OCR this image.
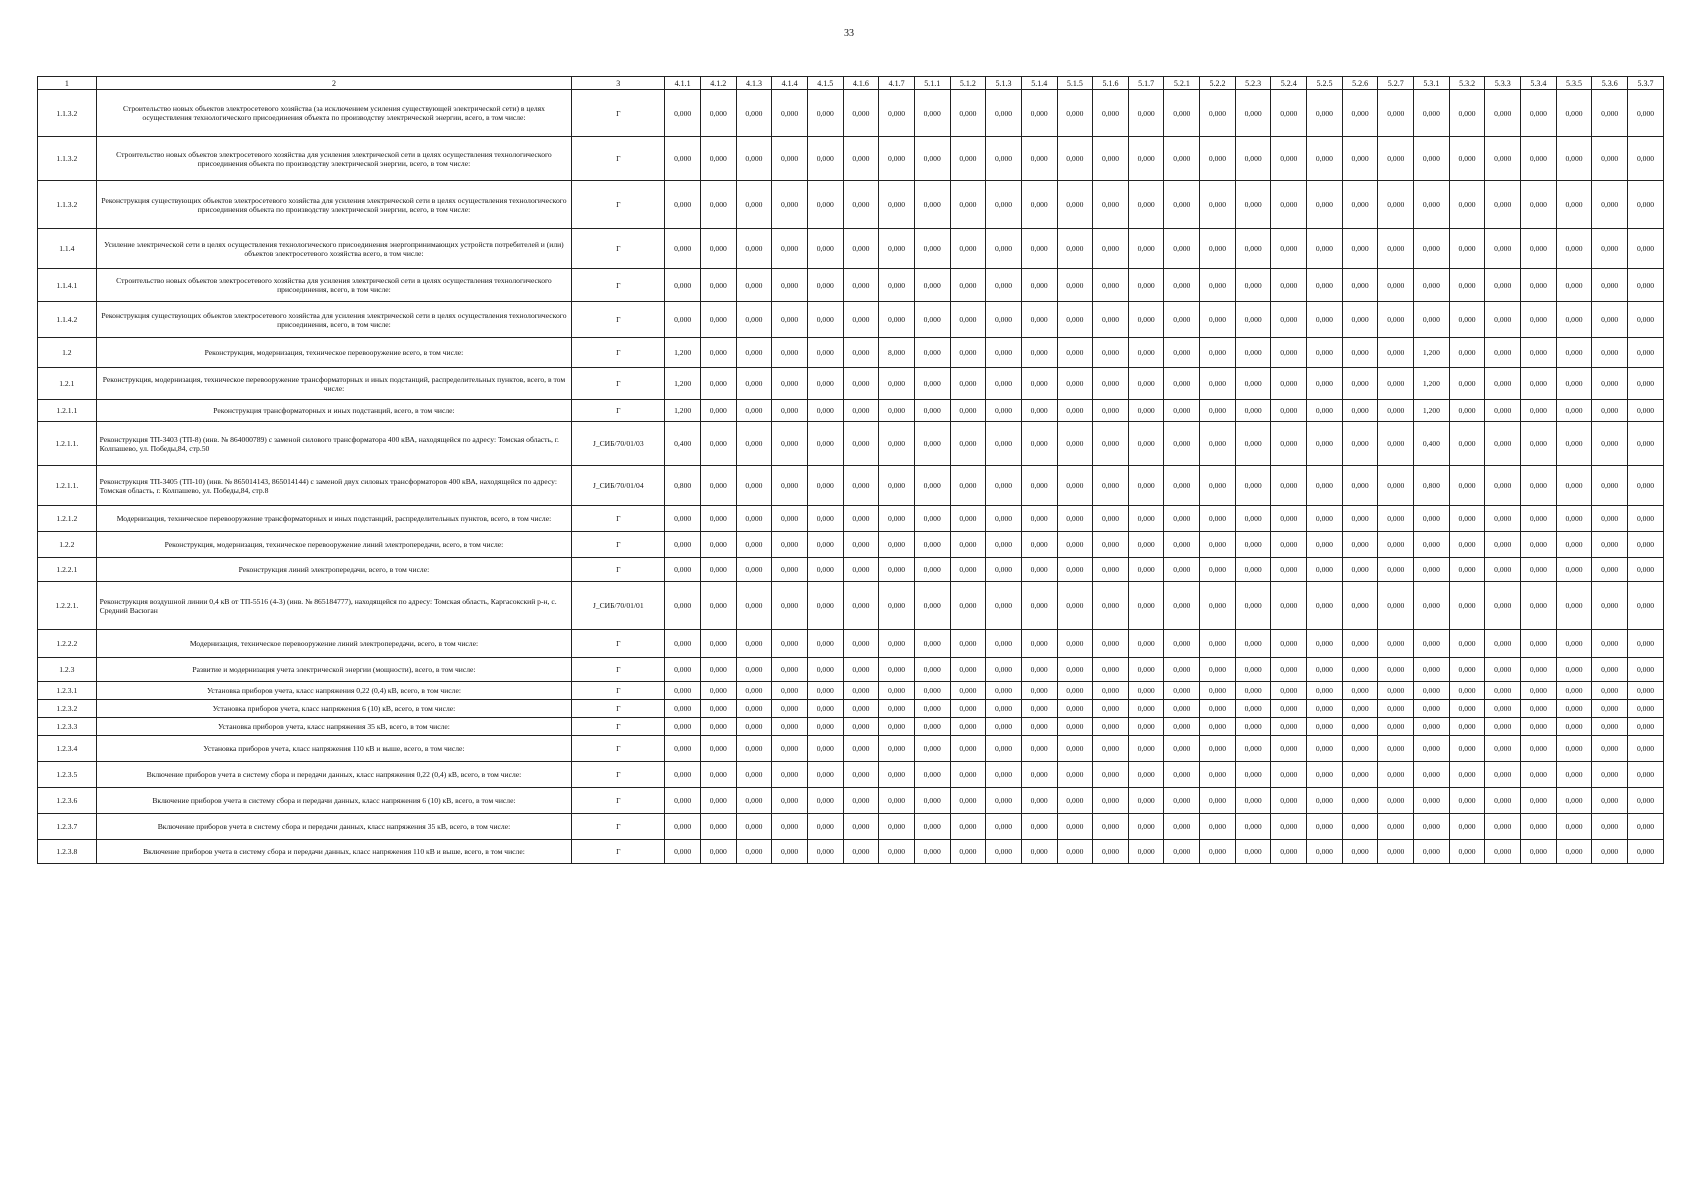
33
1	2	3	4.1.1	4.1.2	4.1.3	4.1.4	4.1.5	4.1.6	4.1.7	5.1.1	5.1.2	5.1.3	5.1.4	5.1.5	5.1.6	5.1.7	5.2.1	5.2.2	5.2.3	5.2.4	5.2.5	5.2.6	5.2.7	5.3.1	5.3.2	5.3.3	5.3.4	5.3.5	5.3.6	5.3.7
1.1.3.2	Строительство новых объектов электросетевого хозяйства (за исключением усиления существующей электрической сети) в целях осуществления технологического присоединения объекта по производству электрической энергии, всего, в том числе:	Г	0,000	0,000	0,000	0,000	0,000	0,000	0,000	0,000	0,000	0,000	0,000	0,000	0,000	0,000	0,000	0,000	0,000	0,000	0,000	0,000	0,000	0,000	0,000	0,000	0,000	0,000	0,000	0,000
1.1.3.2	Строительство новых объектов электросетевого хозяйства для усиления электрической сети в целях осуществления технологического присоединения объекта по производству электрической энергии, всего, в том числе:	Г	0,000	0,000	0,000	0,000	0,000	0,000	0,000	0,000	0,000	0,000	0,000	0,000	0,000	0,000	0,000	0,000	0,000	0,000	0,000	0,000	0,000	0,000	0,000	0,000	0,000	0,000	0,000	0,000
1.1.3.2	Реконструкция существующих объектов электросетевого хозяйства для усиления электрической сети в целях осуществления технологического присоединения объекта по производству электрической энергии, всего, в том числе:	Г	0,000	0,000	0,000	0,000	0,000	0,000	0,000	0,000	0,000	0,000	0,000	0,000	0,000	0,000	0,000	0,000	0,000	0,000	0,000	0,000	0,000	0,000	0,000	0,000	0,000	0,000	0,000	0,000
1.1.4	Усиление электрической сети в целях осуществления технологического присоединения энергопринимающих устройств потребителей и (или) объектов электросетевого хозяйства всего, в том числе:	Г	0,000	0,000	0,000	0,000	0,000	0,000	0,000	0,000	0,000	0,000	0,000	0,000	0,000	0,000	0,000	0,000	0,000	0,000	0,000	0,000	0,000	0,000	0,000	0,000	0,000	0,000	0,000	0,000
1.1.4.1	Строительство новых объектов электросетевого хозяйства для усиления электрической сети в целях осуществления технологического присоединения, всего, в том числе:	Г	0,000	0,000	0,000	0,000	0,000	0,000	0,000	0,000	0,000	0,000	0,000	0,000	0,000	0,000	0,000	0,000	0,000	0,000	0,000	0,000	0,000	0,000	0,000	0,000	0,000	0,000	0,000	0,000
1.1.4.2	Реконструкция существующих объектов электросетевого хозяйства для усиления электрической сети в целях осуществления технологического присоединения, всего, в том числе:	Г	0,000	0,000	0,000	0,000	0,000	0,000	0,000	0,000	0,000	0,000	0,000	0,000	0,000	0,000	0,000	0,000	0,000	0,000	0,000	0,000	0,000	0,000	0,000	0,000	0,000	0,000	0,000	0,000
1.2	Реконструкция, модернизация, техническое перевооружение всего, в том числе:	Г	1,200	0,000	0,000	0,000	0,000	0,000	8,000	0,000	0,000	0,000	0,000	0,000	0,000	0,000	0,000	0,000	0,000	0,000	0,000	0,000	0,000	1,200	0,000	0,000	0,000	0,000	0,000	0,000
1.2.1	Реконструкция, модернизация, техническое перевооружение трансформаторных и иных подстанций, распределительных пунктов, всего, в том числе:	Г	1,200	0,000	0,000	0,000	0,000	0,000	0,000	0,000	0,000	0,000	0,000	0,000	0,000	0,000	0,000	0,000	0,000	0,000	0,000	0,000	0,000	1,200	0,000	0,000	0,000	0,000	0,000	0,000
1.2.1.1	Реконструкция трансформаторных и иных подстанций, всего, в том числе:	Г	1,200	0,000	0,000	0,000	0,000	0,000	0,000	0,000	0,000	0,000	0,000	0,000	0,000	0,000	0,000	0,000	0,000	0,000	0,000	0,000	0,000	1,200	0,000	0,000	0,000	0,000	0,000	0,000
1.2.1.1.	Реконструкция ТП-3403 (ТП-8) (инв. № 864000789) с заменой силового трансформатора 400 кВА, находящейся по адресу: Томская область, г. Колпашево, ул. Победы,84, стр.50	J_СИБ/70/01/03	0,400	0,000	0,000	0,000	0,000	0,000	0,000	0,000	0,000	0,000	0,000	0,000	0,000	0,000	0,000	0,000	0,000	0,000	0,000	0,000	0,000	0,400	0,000	0,000	0,000	0,000	0,000	0,000
1.2.1.1.	Реконструкция ТП-3405 (ТП-10) (инв. № 865014143, 865014144) с заменой двух силовых трансформаторов 400 кВА, находящейся по адресу: Томская область, г. Колпашево, ул. Победы,84, стр.8	J_СИБ/70/01/04	0,800	0,000	0,000	0,000	0,000	0,000	0,000	0,000	0,000	0,000	0,000	0,000	0,000	0,000	0,000	0,000	0,000	0,000	0,000	0,000	0,000	0,800	0,000	0,000	0,000	0,000	0,000	0,000
1.2.1.2	Модернизация, техническое перевооружение трансформаторных и иных подстанций, распределительных пунктов, всего, в том числе:	Г	0,000	0,000	0,000	0,000	0,000	0,000	0,000	0,000	0,000	0,000	0,000	0,000	0,000	0,000	0,000	0,000	0,000	0,000	0,000	0,000	0,000	0,000	0,000	0,000	0,000	0,000	0,000	0,000
1.2.2	Реконструкция, модернизация, техническое перевооружение линий электропередачи, всего, в том числе:	Г	0,000	0,000	0,000	0,000	0,000	0,000	0,000	0,000	0,000	0,000	0,000	0,000	0,000	0,000	0,000	0,000	0,000	0,000	0,000	0,000	0,000	0,000	0,000	0,000	0,000	0,000	0,000	0,000
1.2.2.1	Реконструкция линий электропередачи, всего, в том числе:	Г	0,000	0,000	0,000	0,000	0,000	0,000	0,000	0,000	0,000	0,000	0,000	0,000	0,000	0,000	0,000	0,000	0,000	0,000	0,000	0,000	0,000	0,000	0,000	0,000	0,000	0,000	0,000	0,000
1.2.2.1.	Реконструкция воздушной линии 0,4 кВ от ТП-5516 (4-3) (инв. № 865184777), находящейся по адресу: Томская область, Каргасокский р-н, с. Средний Васюган	J_СИБ/70/01/01	0,000	0,000	0,000	0,000	0,000	0,000	0,000	0,000	0,000	0,000	0,000	0,000	0,000	0,000	0,000	0,000	0,000	0,000	0,000	0,000	0,000	0,000	0,000	0,000	0,000	0,000	0,000	0,000
1.2.2.2	Модернизация, техническое перевооружение линий электропередачи, всего, в том числе:	Г	0,000	0,000	0,000	0,000	0,000	0,000	0,000	0,000	0,000	0,000	0,000	0,000	0,000	0,000	0,000	0,000	0,000	0,000	0,000	0,000	0,000	0,000	0,000	0,000	0,000	0,000	0,000	0,000
1.2.3	Развитие и модернизация учета электрической энергии (мощности), всего, в том числе:	Г	0,000	0,000	0,000	0,000	0,000	0,000	0,000	0,000	0,000	0,000	0,000	0,000	0,000	0,000	0,000	0,000	0,000	0,000	0,000	0,000	0,000	0,000	0,000	0,000	0,000	0,000	0,000	0,000
1.2.3.1	Установка приборов учета, класс напряжения 0,22 (0,4) кВ, всего, в том числе:	Г	0,000	0,000	0,000	0,000	0,000	0,000	0,000	0,000	0,000	0,000	0,000	0,000	0,000	0,000	0,000	0,000	0,000	0,000	0,000	0,000	0,000	0,000	0,000	0,000	0,000	0,000	0,000	0,000
1.2.3.2	Установка приборов учета, класс напряжения 6 (10) кВ, всего, в том числе:	Г	0,000	0,000	0,000	0,000	0,000	0,000	0,000	0,000	0,000	0,000	0,000	0,000	0,000	0,000	0,000	0,000	0,000	0,000	0,000	0,000	0,000	0,000	0,000	0,000	0,000	0,000	0,000	0,000
1.2.3.3	Установка приборов учета, класс напряжения 35 кВ, всего, в том числе:	Г	0,000	0,000	0,000	0,000	0,000	0,000	0,000	0,000	0,000	0,000	0,000	0,000	0,000	0,000	0,000	0,000	0,000	0,000	0,000	0,000	0,000	0,000	0,000	0,000	0,000	0,000	0,000	0,000
1.2.3.4	Установка приборов учета, класс напряжения 110 кВ и выше, всего, в том числе:	Г	0,000	0,000	0,000	0,000	0,000	0,000	0,000	0,000	0,000	0,000	0,000	0,000	0,000	0,000	0,000	0,000	0,000	0,000	0,000	0,000	0,000	0,000	0,000	0,000	0,000	0,000	0,000	0,000
1.2.3.5	Включение приборов учета в систему сбора и передачи данных, класс напряжения 0,22 (0,4) кВ, всего, в том числе:	Г	0,000	0,000	0,000	0,000	0,000	0,000	0,000	0,000	0,000	0,000	0,000	0,000	0,000	0,000	0,000	0,000	0,000	0,000	0,000	0,000	0,000	0,000	0,000	0,000	0,000	0,000	0,000	0,000
1.2.3.6	Включение приборов учета в систему сбора и передачи данных, класс напряжения 6 (10) кВ, всего, в том числе:	Г	0,000	0,000	0,000	0,000	0,000	0,000	0,000	0,000	0,000	0,000	0,000	0,000	0,000	0,000	0,000	0,000	0,000	0,000	0,000	0,000	0,000	0,000	0,000	0,000	0,000	0,000	0,000	0,000
1.2.3.7	Включение приборов учета в систему сбора и передачи данных, класс напряжения 35 кВ, всего, в том числе:	Г	0,000	0,000	0,000	0,000	0,000	0,000	0,000	0,000	0,000	0,000	0,000	0,000	0,000	0,000	0,000	0,000	0,000	0,000	0,000	0,000	0,000	0,000	0,000	0,000	0,000	0,000	0,000	0,000
1.2.3.8	Включение приборов учета в систему сбора и передачи данных, класс напряжения 110 кВ и выше, всего, в том числе:	Г	0,000	0,000	0,000	0,000	0,000	0,000	0,000	0,000	0,000	0,000	0,000	0,000	0,000	0,000	0,000	0,000	0,000	0,000	0,000	0,000	0,000	0,000	0,000	0,000	0,000	0,000	0,000	0,000
